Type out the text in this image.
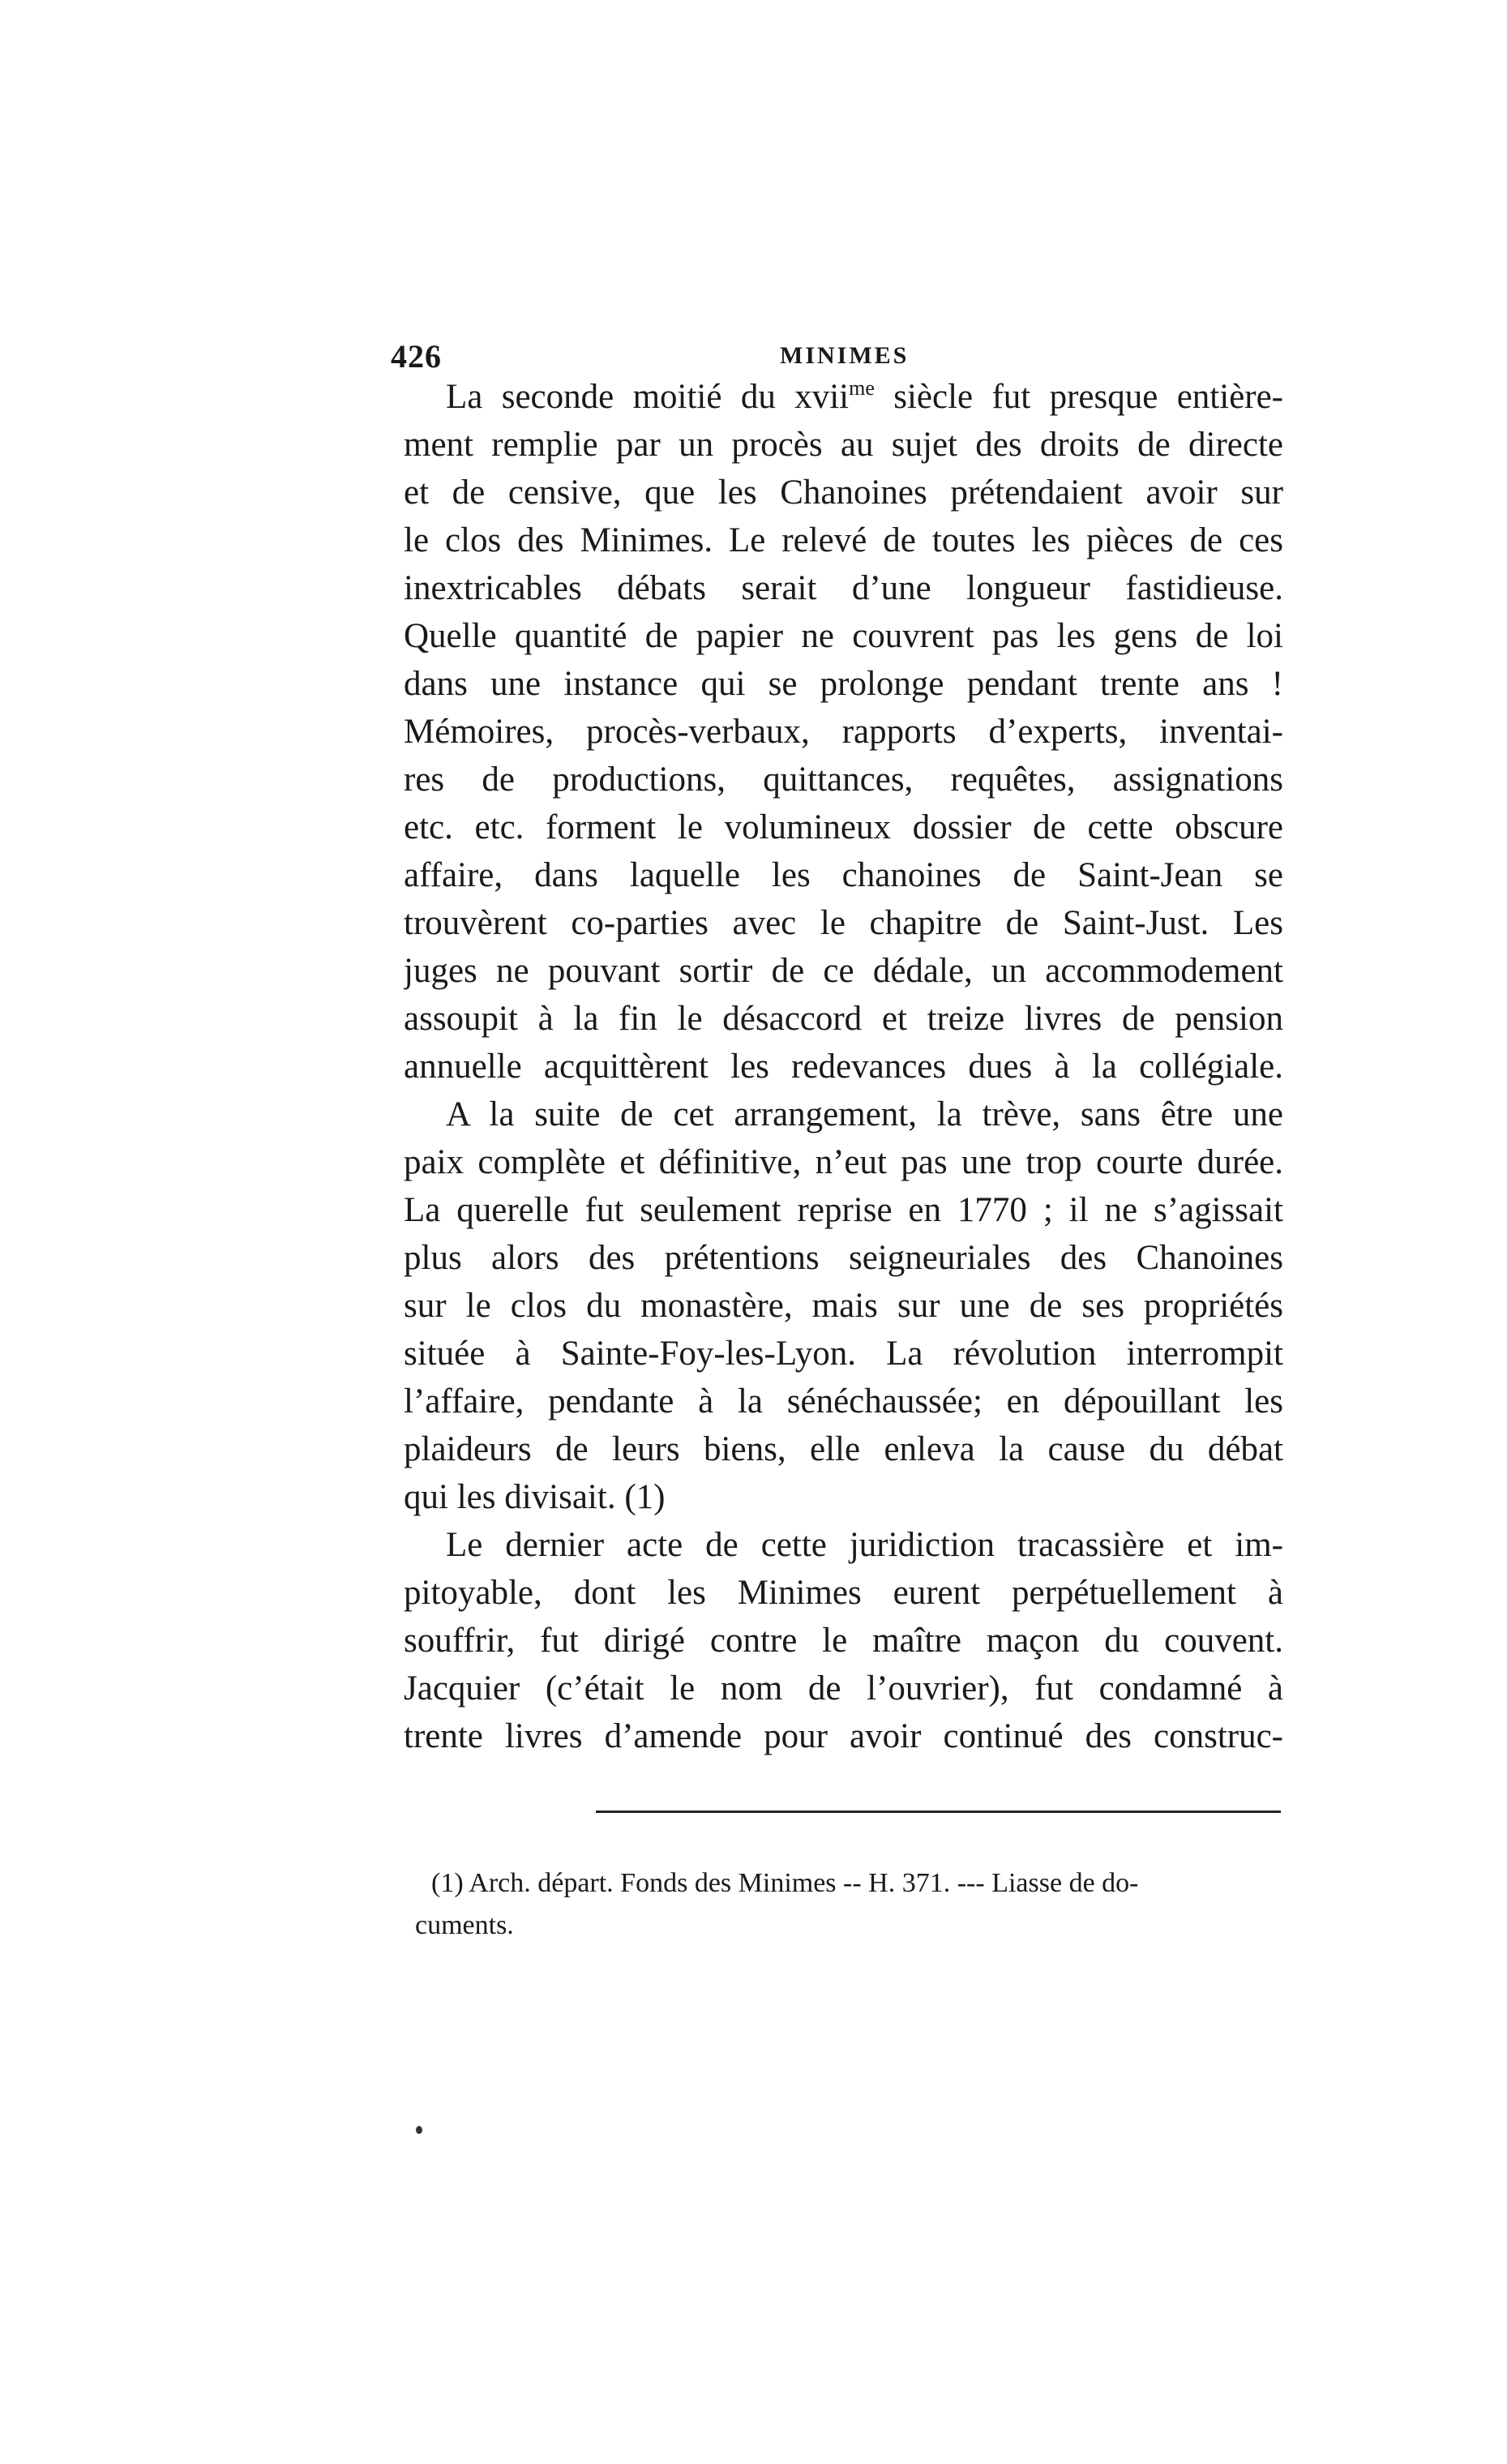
426	MINIMES
La seconde moitié du xvii$^{me}$ siècle fut presque entière-
ment remplie par un procès au sujet des droits de directe
et de censive, que les Chanoines prétendaient avoir sur
le clos des Minimes. Le relevé de toutes les pièces de ces
inextricables débats serait d’une longueur fastidieuse.
Quelle quantité de papier ne couvrent pas les gens de loi
dans une instance qui se prolonge pendant trente ans !
Mémoires, procès-verbaux, rapports d’experts, inventai-
res de productions, quittances, requêtes, assignations
etc. etc. forment le volumineux dossier de cette obscure
affaire, dans laquelle les chanoines de Saint-Jean se
trouvèrent co-parties avec le chapitre de Saint-Just. Les
juges ne pouvant sortir de ce dédale, un accommodement
assoupit à la fin le désaccord et treize livres de pension
annuelle acquittèrent les redevances dues à la collégiale.
A la suite de cet arrangement, la trève, sans être une
paix complète et définitive, n’eut pas une trop courte durée.
La querelle fut seulement reprise en 1770 ; il ne s’agissait
plus alors des prétentions seigneuriales des Chanoines
sur le clos du monastère, mais sur une de ses propriétés
située à Sainte-Foy-les-Lyon. La révolution interrompit
l’affaire, pendante à la sénéchaussée; en dépouillant les
plaideurs de leurs biens, elle enleva la cause du débat
qui les divisait. (1)
Le dernier acte de cette juridiction tracassière et im-
pitoyable, dont les Minimes eurent perpétuellement à
souffrir, fut dirigé contre le maître maçon du couvent.
Jacquier (c’était le nom de l’ouvrier), fut condamné à
trente livres d’amende pour avoir continué des construc-
(1) Arch. départ. Fonds des Minimes -- H. 371. --- Liasse de do-
cuments.
